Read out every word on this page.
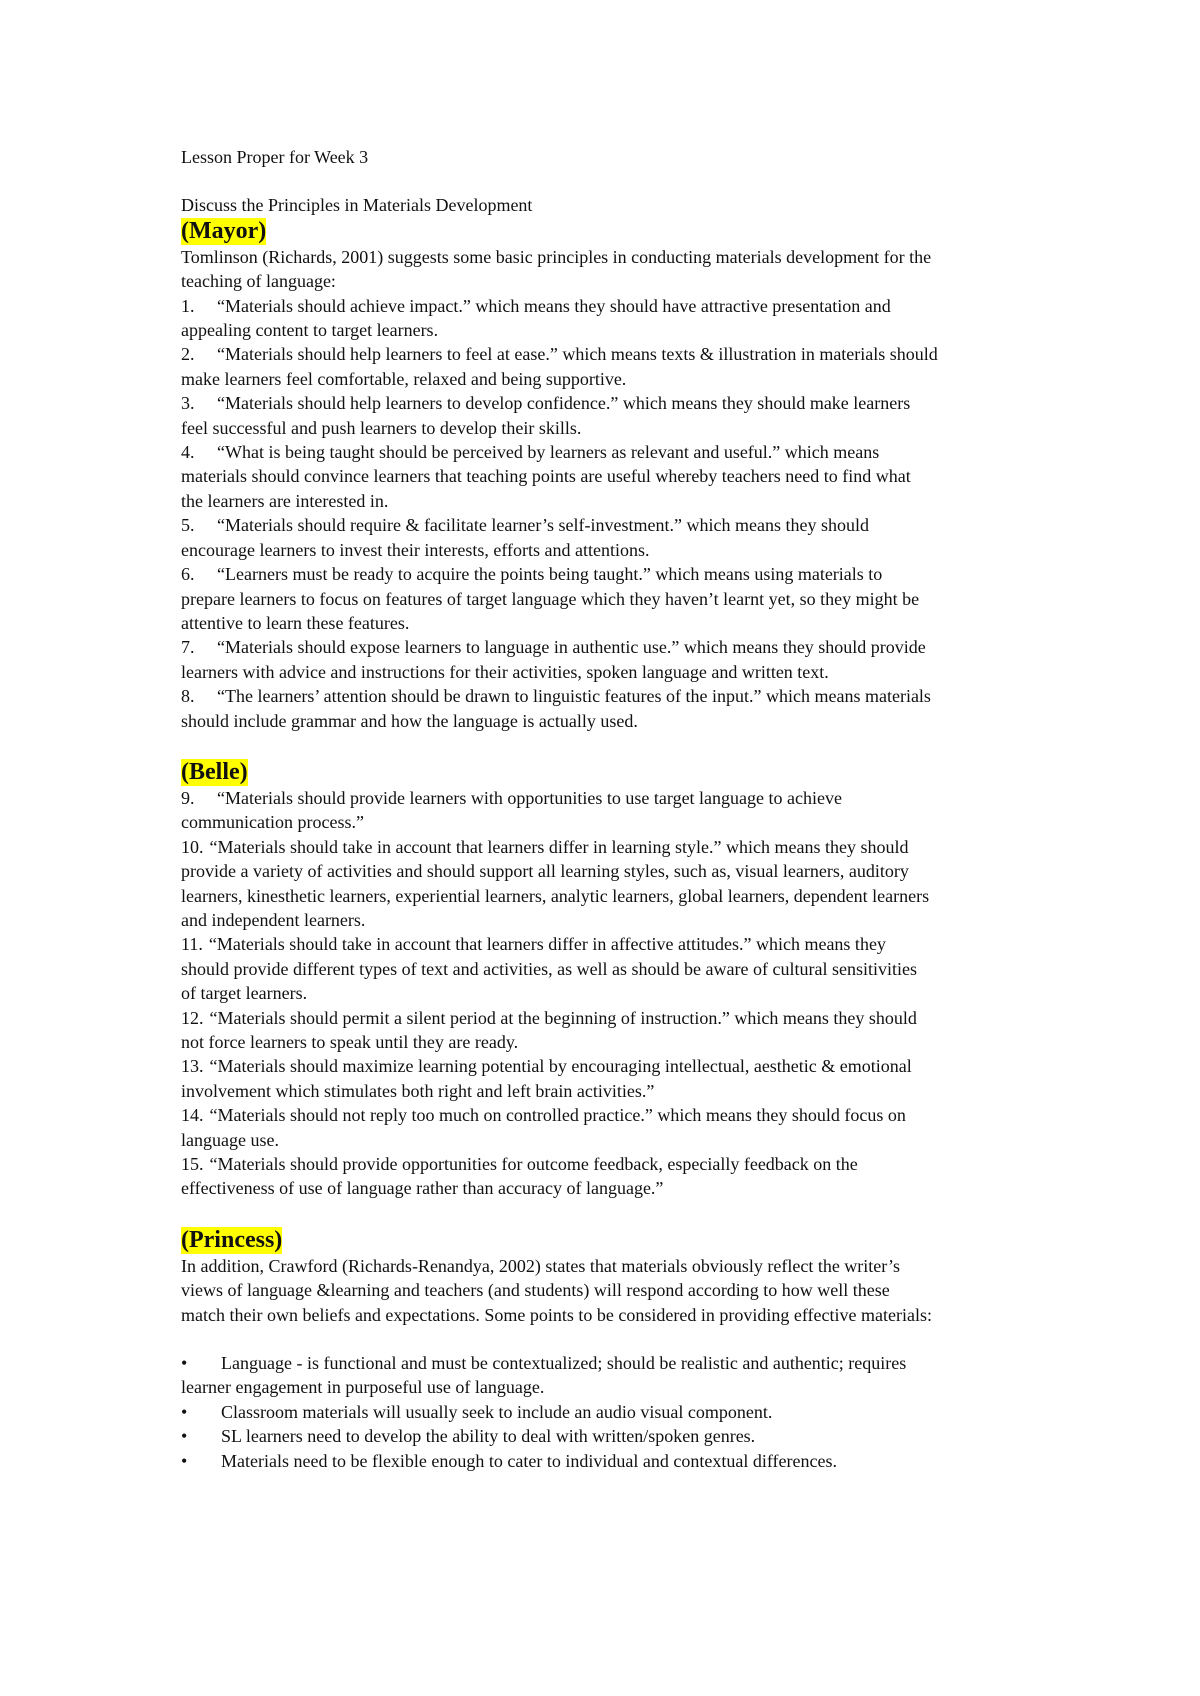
Lesson Proper for Week 3

Discuss the Principles in Materials Development

(Mayor)

Tomlinson (Richards, 2001) suggests some basic principles in conducting materials development for the

teaching of language:

1. “Materials should achieve impact.” which means they should have attractive presentation and

appealing content to target learners.

2. “Materials should help learners to feel at ease.” which means texts & illustration in materials should

make learners feel comfortable, relaxed and being supportive.

3. “Materials should help learners to develop confidence.” which means they should make learners

feel successful and push learners to develop their skills.

4. “What is being taught should be perceived by learners as relevant and useful.” which means

materials should convince learners that teaching points are useful whereby teachers need to find what

the learners are interested in.

5. “Materials should require & facilitate learner’s self-investment.” which means they should

encourage learners to invest their interests, efforts and attentions.

6. “Learners must be ready to acquire the points being taught.” which means using materials to

prepare learners to focus on features of target language which they haven’t learnt yet, so they might be

attentive to learn these features.

7. “Materials should expose learners to language in authentic use.” which means they should provide

learners with advice and instructions for their activities, spoken language and written text.

8. “The learners’ attention should be drawn to linguistic features of the input.” which means materials

should include grammar and how the language is actually used.

(Belle)

9. “Materials should provide learners with opportunities to use target language to achieve

communication process.”

10. “Materials should take in account that learners differ in learning style.” which means they should

provide a variety of activities and should support all learning styles, such as, visual learners, auditory

learners, kinesthetic learners, experiential learners, analytic learners, global learners, dependent learners

and independent learners.

11. “Materials should take in account that learners differ in affective attitudes.” which means they

should provide different types of text and activities, as well as should be aware of cultural sensitivities

of target learners.

12. “Materials should permit a silent period at the beginning of instruction.” which means they should

not force learners to speak until they are ready.

13. “Materials should maximize learning potential by encouraging intellectual, aesthetic & emotional

involvement which stimulates both right and left brain activities.”

14. “Materials should not reply too much on controlled practice.” which means they should focus on

language use.

15. “Materials should provide opportunities for outcome feedback, especially feedback on the

effectiveness of use of language rather than accuracy of language.”

(Princess)

In addition, Crawford (Richards-Renandya, 2002) states that materials obviously reflect the writer’s

views of language &learning and teachers (and students) will respond according to how well these

match their own beliefs and expectations. Some points to be considered in providing effective materials:

• Language - is functional and must be contextualized; should be realistic and authentic; requires

learner engagement in purposeful use of language.

• Classroom materials will usually seek to include an audio visual component.

• SL learners need to develop the ability to deal with written/spoken genres.

• Materials need to be flexible enough to cater to individual and contextual differences.
